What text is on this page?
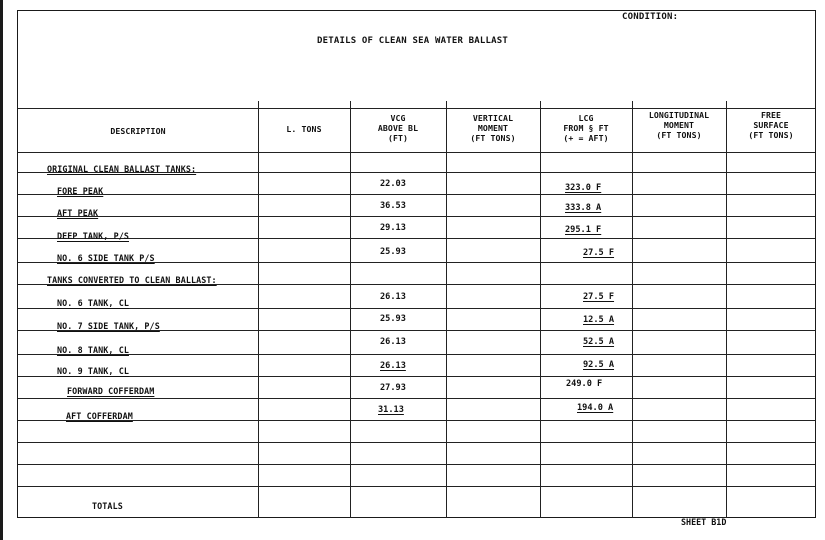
CONDITION:
DETAILS OF CLEAN SEA WATER BALLAST
DESCRIPTION	L. TONS
VCG
ABOVE BL
(FT)
VERTICAL
MOMENT
(FT TONS)
LCG
FROM § FT
(+ = AFT)
LONGITUDINAL
MOMENT
(FT TONS)
FREE
SURFACE
(FT TONS)
ORIGINAL CLEAN BALLAST TANKS:
FORE PEAK
AFT PEAK
DEEP TANK, P/S
NO. 6 SIDE TANK P/S
TANKS CONVERTED TO CLEAN BALLAST:
NO. 6 TANK, CL
NO. 7 SIDE TANK, P/S
NO. 8 TANK, CL
NO. 9 TANK, CL
FORWARD COFFERDAM
AFT COFFERDAM
22.03
36.53
29.13
25.93
26.13
25.93
26.13
26.13
27.93
31.13
323.0 F
333.8 A
295.1 F
27.5 F
27.5 F
12.5 A
52.5 A
92.5 A
249.0 F
194.0 A
TOTALS
SHEET B1D
